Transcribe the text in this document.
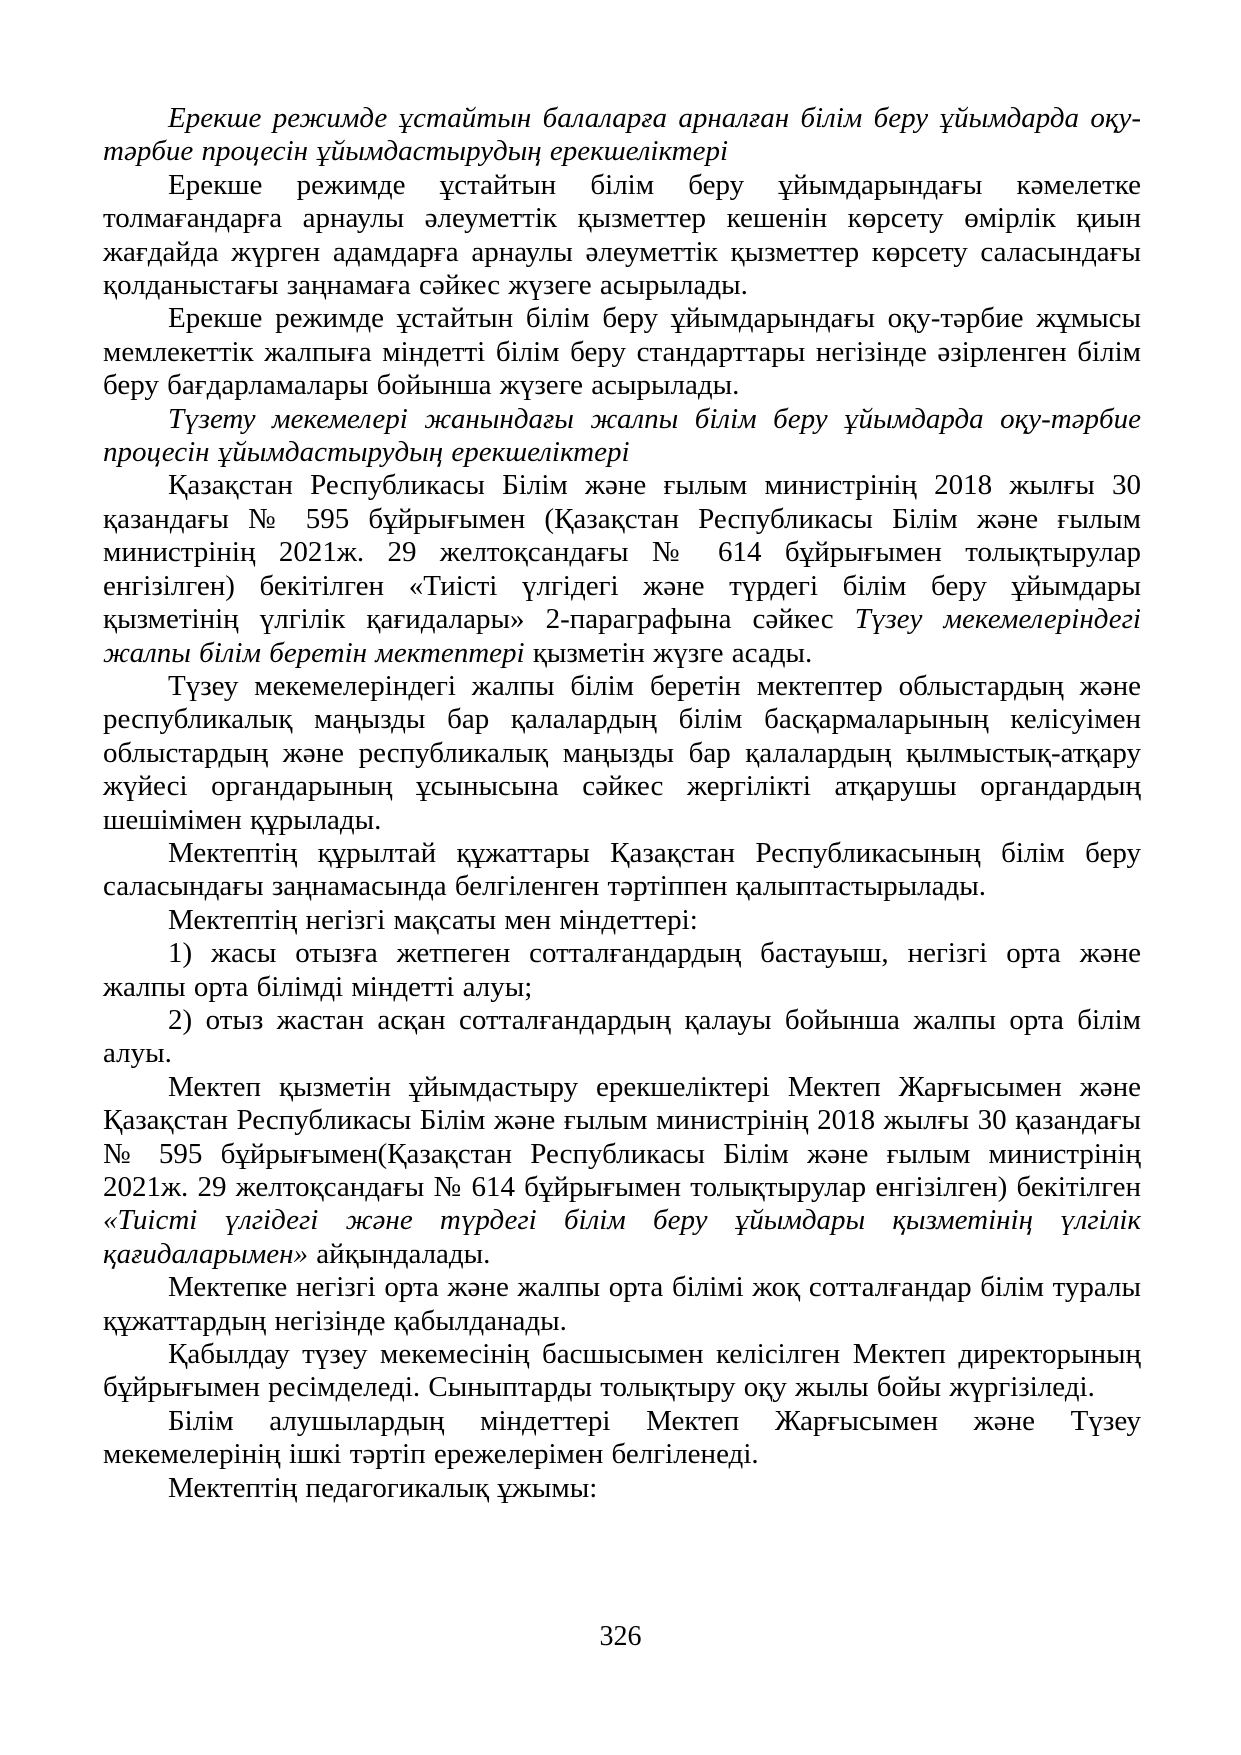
Ерекше режимде ұстайтын балаларға арналған білім беру ұйымдарда оқу-тәрбие процесін ұйымдастырудың ерекшеліктері

Ерекше режимде ұстайтын білім беру ұйымдарындағы кәмелетке толмағандарға арнаулы әлеуметтік қызметтер кешенін көрсету өмірлік қиын жағдайда жүрген адамдарға арнаулы әлеуметтік қызметтер көрсету саласындағы қолданыстағы заңнамаға сәйкес жүзеге асырылады.

Ерекше режимде ұстайтын білім беру ұйымдарындағы оқу-тәрбие жұмысы мемлекеттік жалпыға міндетті білім беру стандарттары негізінде әзірленген білім беру бағдарламалары бойынша жүзеге асырылады.

Түзету мекемелері жанындағы жалпы білім беру ұйымдарда оқу-тәрбие процесін ұйымдастырудың ерекшеліктері

Қазақстан Республикасы Білім және ғылым министрінің 2018 жылғы 30 қазандағы № 595 бұйрығымен (Қазақстан Республикасы Білім және ғылым министрінің 2021ж. 29 желтоқсандағы № 614 бұйрығымен толықтырулар енгізілген) бекітілген «Тиісті үлгідегі және түрдегі білім беру ұйымдары қызметінің үлгілік қағидалары» 2-параграфына сәйкес Түзеу мекемелеріндегі жалпы білім беретін мектептері қызметін жүзге асады.

Түзеу мекемелеріндегі жалпы білім беретін мектептер облыстардың және республикалық маңызды бар қалалардың білім басқармаларының келісуімен облыстардың және республикалық маңызды бар қалалардың қылмыстық-атқару жүйесі органдарының ұсынысына сәйкес жергілікті атқарушы органдардың шешімімен құрылады.

Мектептің құрылтай құжаттары Қазақстан Республикасының білім беру саласындағы заңнамасында белгіленген тәртіппен қалыптастырылады.

Мектептің негізгі мақсаты мен міндеттері:

1) жасы отызға жетпеген сотталғандардың бастауыш, негізгі орта және жалпы орта білімді міндетті алуы;

2) отыз жастан асқан сотталғандардың қалауы бойынша жалпы орта білім алуы.

Мектеп қызметін ұйымдастыру ерекшеліктері Мектеп Жарғысымен және Қазақстан Республикасы Білім және ғылым министрінің 2018 жылғы 30 қазандағы № 595 бұйрығымен(Қазақстан Республикасы Білім және ғылым министрінің 2021ж. 29 желтоқсандағы № 614 бұйрығымен толықтырулар енгізілген) бекітілген «Тиісті үлгідегі және түрдегі білім беру ұйымдары қызметінің үлгілік қағидаларымен» айқындалады.

Мектепке негізгі орта және жалпы орта білімі жоқ сотталғандар білім туралы құжаттардың негізінде қабылданады.

Қабылдау түзеу мекемесінің басшысымен келісілген Мектеп директорының бұйрығымен ресімделеді. Сыныптарды толықтыру оқу жылы бойы жүргізіледі.

Білім алушылардың міндеттері Мектеп Жарғысымен және Түзеу мекемелерінің ішкі тәртіп ережелерімен белгіленеді.

Мектептің педагогикалық ұжымы:

326
